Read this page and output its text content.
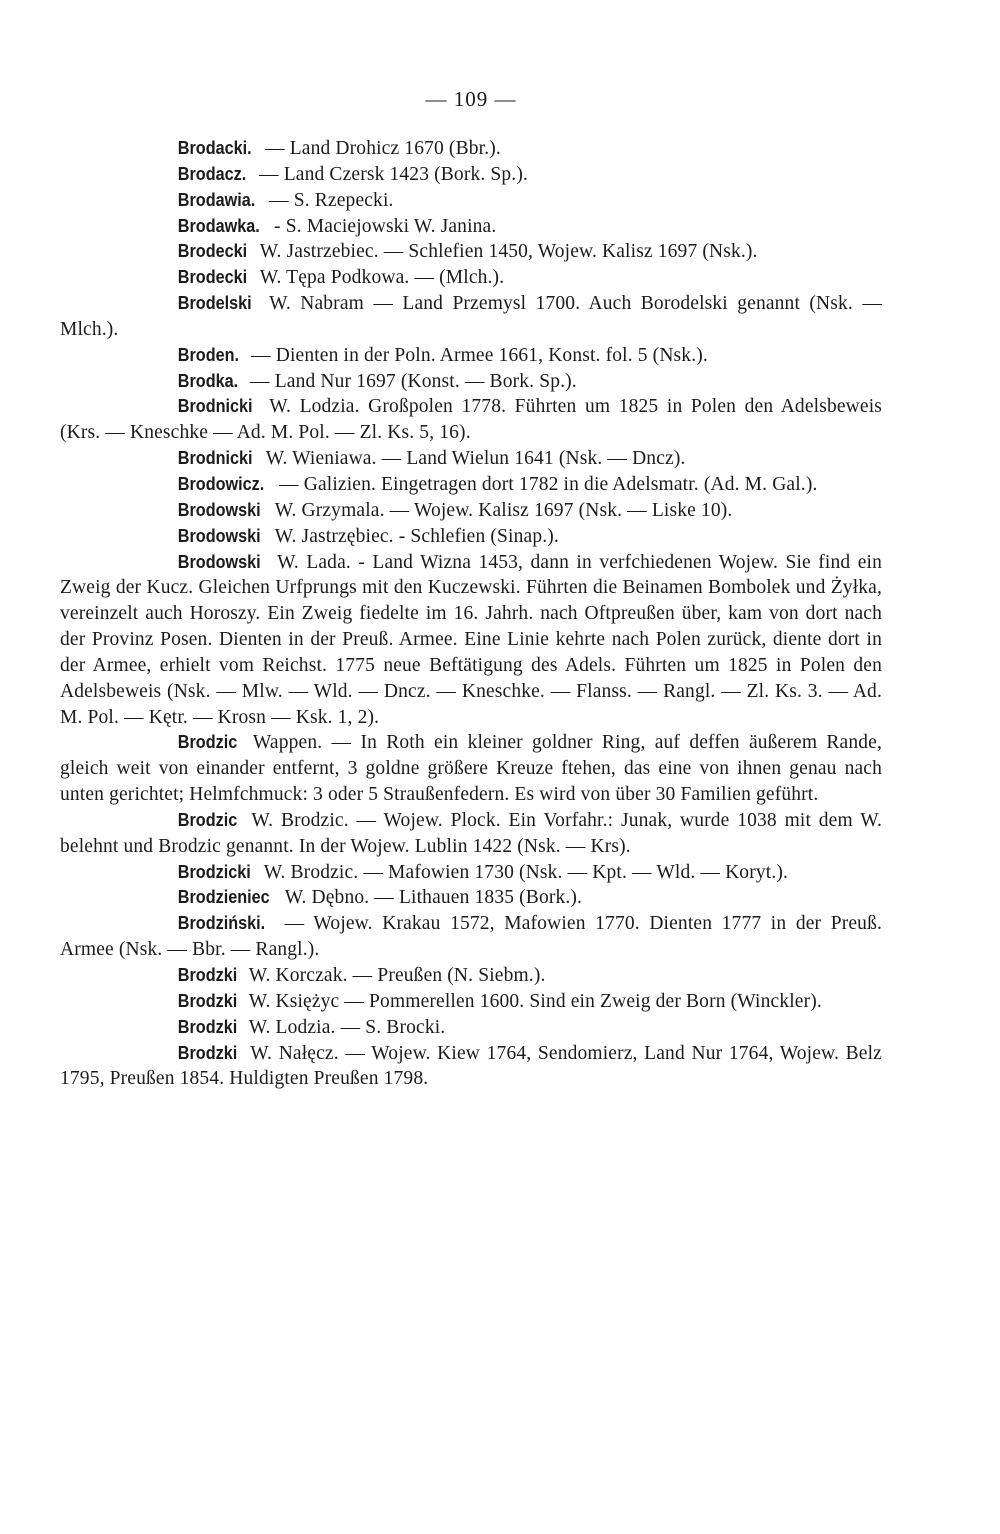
— 109 —

Brodacki. — Land Drohicz 1670 (Bbr.).

Brodacz. — Land Czersk 1423 (Bork. Sp.).

Brodawia. — S. Rzepecki.

Brodawka. - S. Maciejowski W. Janina.

Brodecki W. Jastrzebiec. — Schlefien 1450, Wojew. Kalisz 1697 (Nsk.).

Brodecki W. Tępa Podkowa. — (Mlch.).

Brodelski W. Nabram — Land Przemysl 1700. Auch Borodelski genannt (Nsk. — Mlch.).

Broden. — Dienten in der Poln. Armee 1661, Konst. fol. 5 (Nsk.).

Brodka. — Land Nur 1697 (Konst. — Bork. Sp.).

Brodnicki W. Lodzia. Großpolen 1778. Führten um 1825 in Polen den Adelsbeweis (Krs. — Kneschke — Ad. M. Pol. — Zl. Ks. 5, 16).

Brodnicki W. Wieniawa. — Land Wielun 1641 (Nsk. — Dncz).

Brodowicz. — Galizien. Eingetragen dort 1782 in die Adelsmatr. (Ad. M. Gal.).

Brodowski W. Grzymala. — Wojew. Kalisz 1697 (Nsk. — Liske 10).

Brodowski W. Jastrzębiec. - Schlefien (Sinap.).

Brodowski W. Lada. - Land Wizna 1453, dann in verfchiedenen Wojew. Sie find ein Zweig der Kucz. Gleichen Urfprungs mit den Kuczewski. Führten die Beinamen Bombolek und Żyłka, vereinzelt auch Horoszy. Ein Zweig fiedelte im 16. Jahrh. nach Oftpreußen über, kam von dort nach der Provinz Posen. Dienten in der Preuß. Armee. Eine Linie kehrte nach Polen zurück, diente dort in der Armee, erhielt vom Reichst. 1775 neue Beftätigung des Adels. Führten um 1825 in Polen den Adelsbeweis (Nsk. — Mlw. — Wld. — Dncz. — Kneschke. — Flanss. — Rangl. — Zl. Ks. 3. — Ad. M. Pol. — Kętr. — Krosn — Ksk. 1, 2).

Brodzic Wappen. — In Roth ein kleiner goldner Ring, auf deffen äußerem Rande, gleich weit von einander entfernt, 3 goldne größere Kreuze ftehen, das eine von ihnen genau nach unten gerichtet; Helmfchmuck: 3 oder 5 Straußenfedern. Es wird von über 30 Familien geführt.

Brodzic W. Brodzic. — Wojew. Plock. Ein Vorfahr.: Junak, wurde 1038 mit dem W. belehnt und Brodzic genannt. In der Wojew. Lublin 1422 (Nsk. — Krs).

Brodzicki W. Brodzic. — Mafowien 1730 (Nsk. — Kpt. — Wld. — Koryt.).

Brodzieniec W. Dębno. — Lithauen 1835 (Bork.).

Brodziński. — Wojew. Krakau 1572, Mafowien 1770. Dienten 1777 in der Preuß. Armee (Nsk. — Bbr. — Rangl.).

Brodzki W. Korczak. — Preußen (N. Siebm.).

Brodzki W. Księżyc — Pommerellen 1600. Sind ein Zweig der Born (Winckler).

Brodzki W. Lodzia. — S. Brocki.

Brodzki W. Nałęcz. — Wojew. Kiew 1764, Sendomierz, Land Nur 1764, Wojew. Belz 1795, Preußen 1854. Huldigten Preußen 1798.
